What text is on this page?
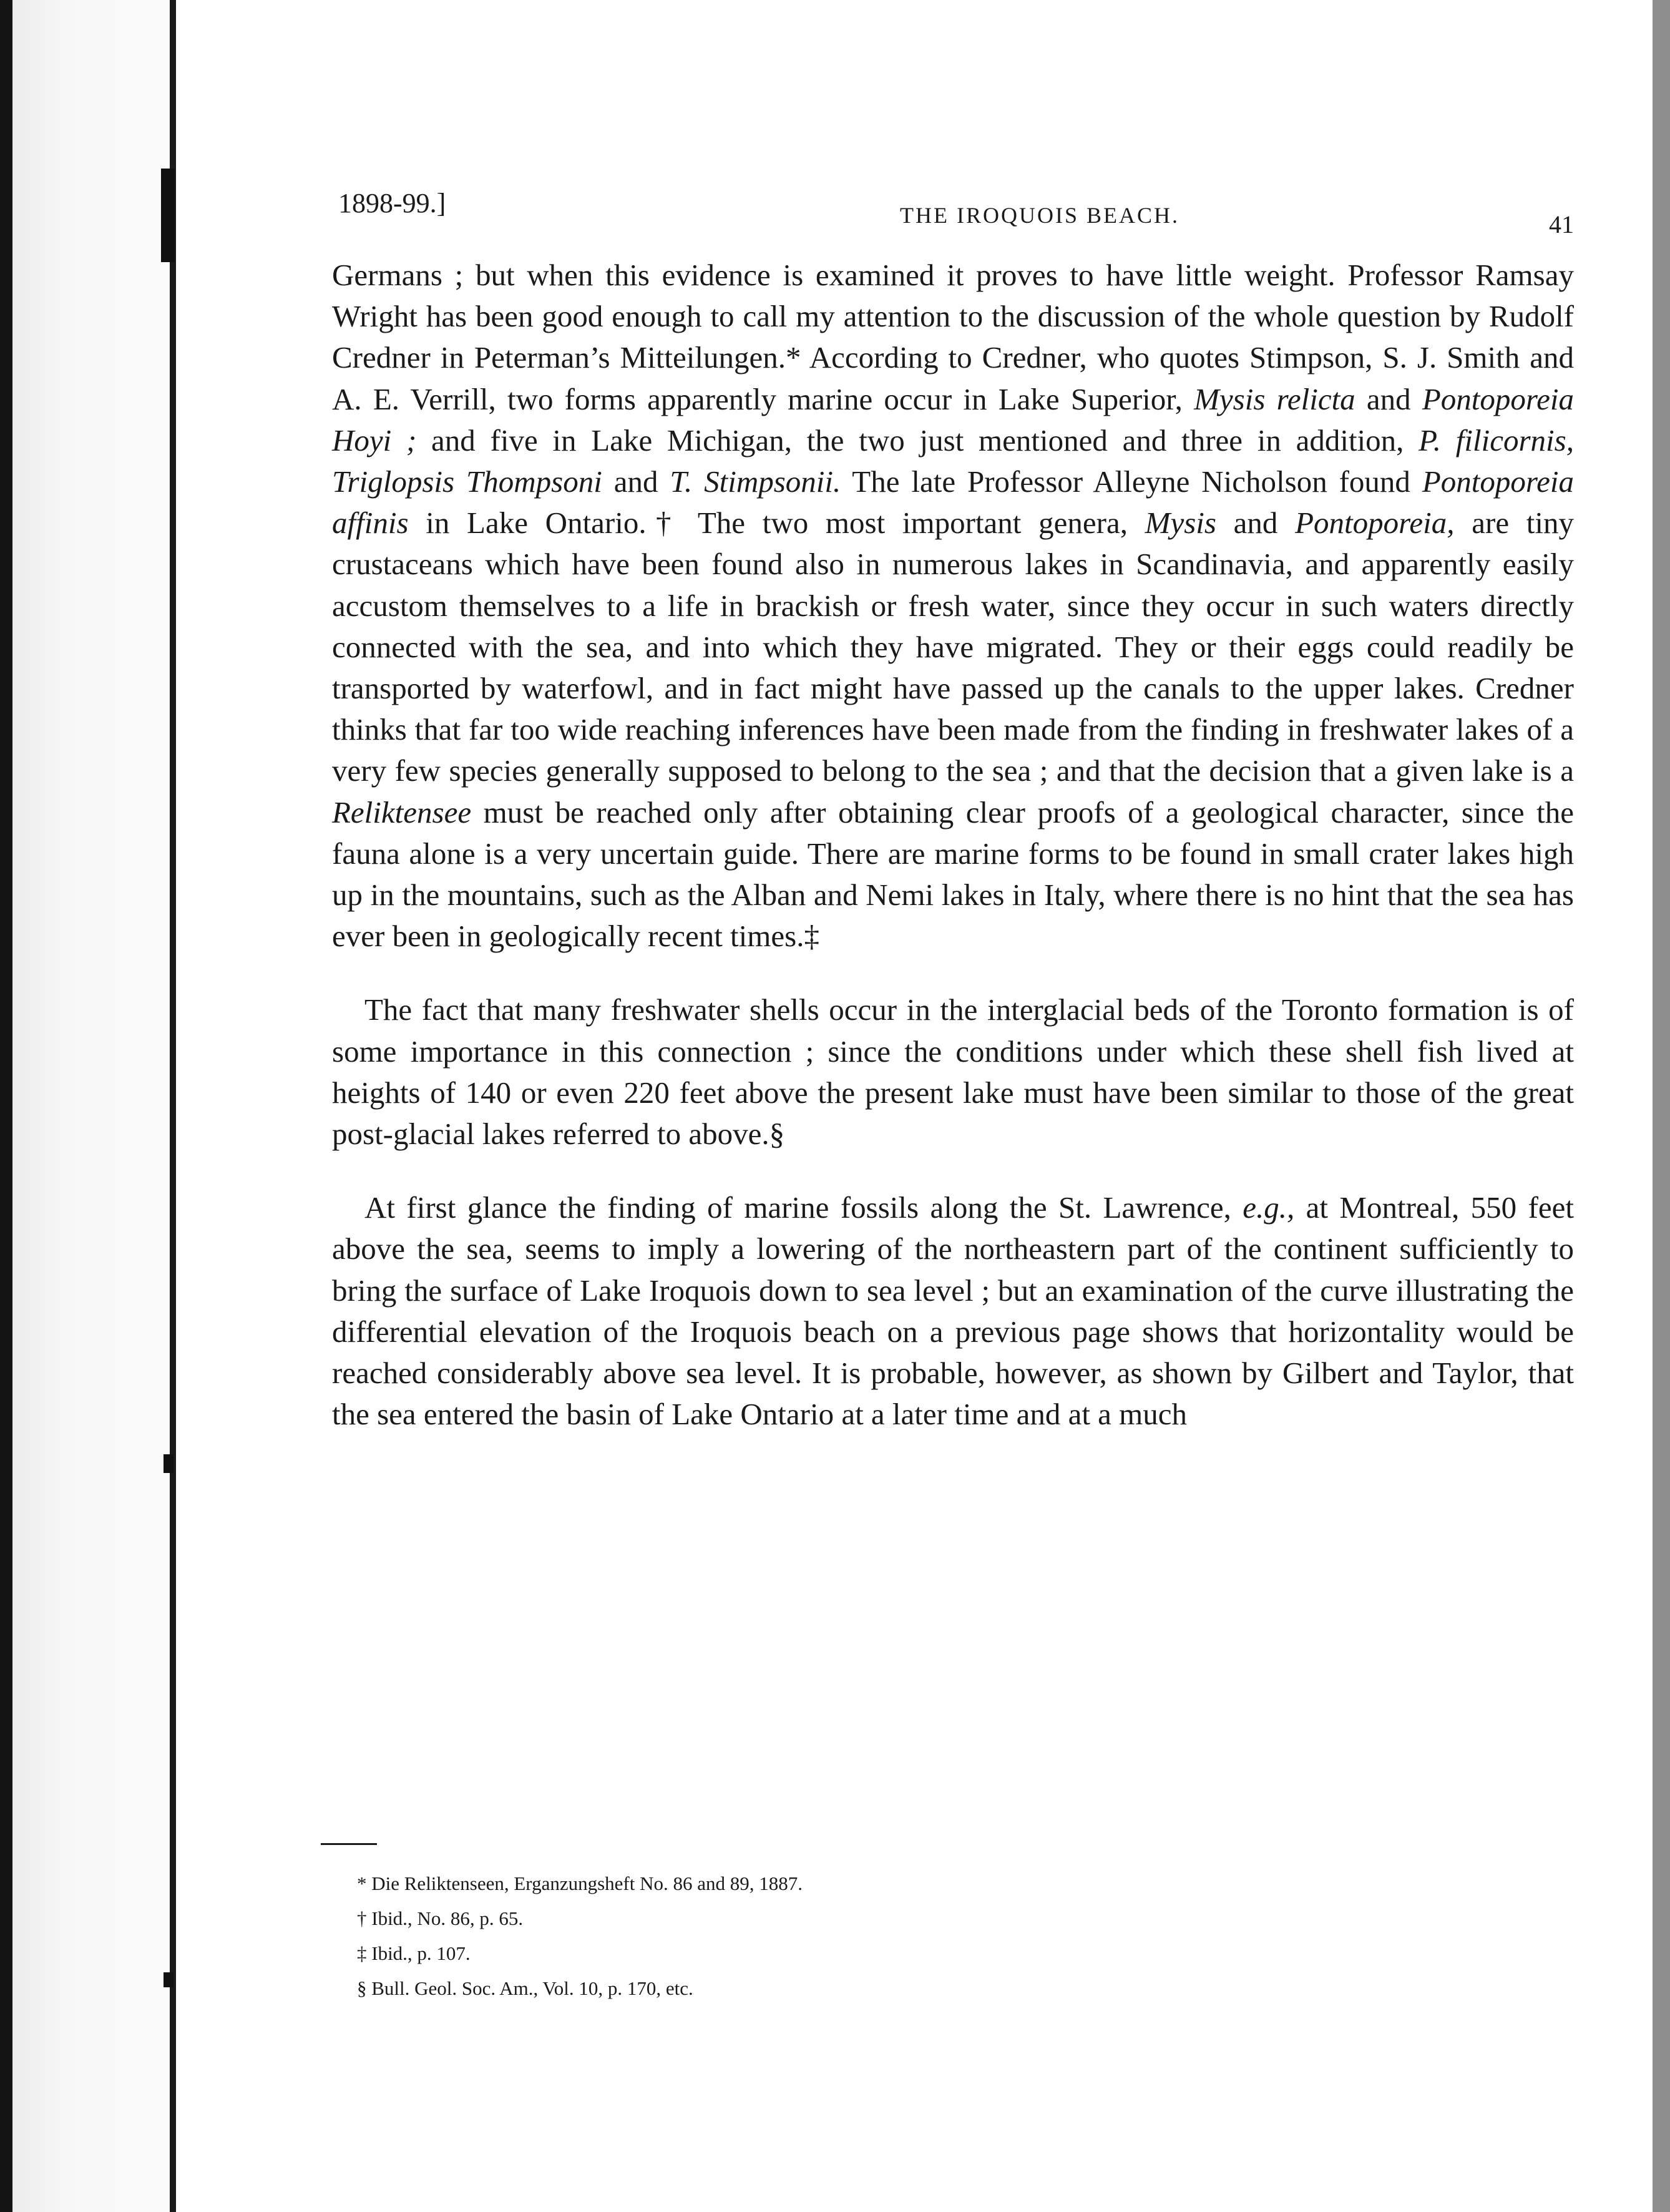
1898-99.]	THE IROQUOIS BEACH.	41

Germans ; but when this evidence is examined it proves to have little weight. Professor Ramsay Wright has been good enough to call my attention to the discussion of the whole question by Rudolf Credner in Peterman’s Mitteilungen.* According to Credner, who quotes Stimpson, S. J. Smith and A. E. Verrill, two forms apparently marine occur in Lake Superior, Mysis relicta and Pontoporeia Hoyi ; and five in Lake Michigan, the two just mentioned and three in addition, P. filicornis, Triglopsis Thompsoni and T. Stimpsonii. The late Professor Alleyne Nicholson found Pontoporeia affinis in Lake Ontario.† The two most important genera, Mysis and Pontoporeia, are tiny crustaceans which have been found also in numerous lakes in Scandinavia, and apparently easily accustom themselves to a life in brackish or fresh water, since they occur in such waters directly connected with the sea, and into which they have migrated. They or their eggs could readily be transported by waterfowl, and in fact might have passed up the canals to the upper lakes. Credner thinks that far too wide reaching inferences have been made from the finding in freshwater lakes of a very few species generally supposed to belong to the sea ; and that the decision that a given lake is a Reliktensee must be reached only after obtaining clear proofs of a geological character, since the fauna alone is a very uncertain guide. There are marine forms to be found in small crater lakes high up in the mountains, such as the Alban and Nemi lakes in Italy, where there is no hint that the sea has ever been in geologically recent times.‡

The fact that many freshwater shells occur in the interglacial beds of the Toronto formation is of some importance in this connection ; since the conditions under which these shell fish lived at heights of 140 or even 220 feet above the present lake must have been similar to those of the great post-glacial lakes referred to above.§

At first glance the finding of marine fossils along the St. Lawrence, e.g., at Montreal, 550 feet above the sea, seems to imply a lowering of the northeastern part of the continent sufficiently to bring the surface of Lake Iroquois down to sea level ; but an examination of the curve illustrating the differential elevation of the Iroquois beach on a previous page shows that horizontality would be reached considerably above sea level. It is probable, however, as shown by Gilbert and Taylor, that the sea entered the basin of Lake Ontario at a later time and at a much

* Die Reliktenseen, Erganzungsheft No. 86 and 89, 1887.
† Ibid., No. 86, p. 65.
‡ Ibid., p. 107.
§ Bull. Geol. Soc. Am., Vol. 10, p. 170, etc.
